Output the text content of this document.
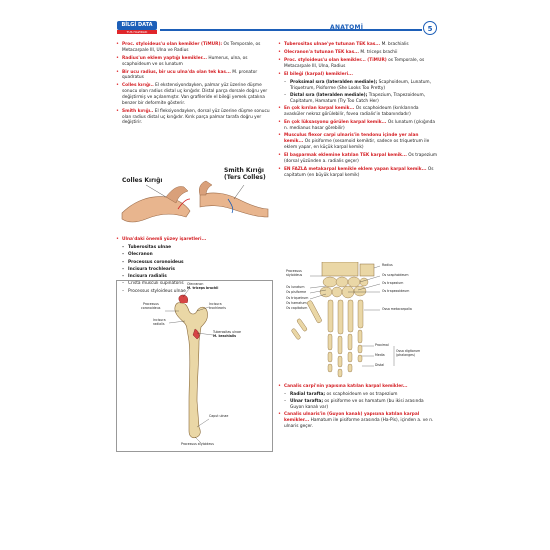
BİLGİ DATA
TUS HAZIRLIK MERKEZLERİ
ANATOMİ	5
• Proc. styloideus'u olan kemikler (TiMUR): Os Temporale, os Metacarpale III, Ulna ve Radius
• Radius'un eklem yaptığı kemikler... Humerus, ulna, os scaphoideum ve os lunatum
• Bir ucu radius, bir ucu ulna'da olan tek kas... M. pronator quadratus
• Colles kırığı.. El ekstensiyondayken, palmar yüz üzerine düşme sonucu olan radius distal uç kırığıdır. Distal parça dorsale doğru yer değiştirmiş ve açılanmıştır. Van grafileride el bileği yemek çatalına benzer bir deformite gösterir.
• Smith kırığı.. El fleksiyondayken, dorsal yüz üzerine düşme sonucu olan radius distal uç kırığıdır. Kırık parça palmar tarafa doğru yer değiştirir.
Colles Kırığı
Smith Kırığı
(Ters Colles)
• Ulna'daki önemli yüzey işaretleri...
– Tuberositas ulnae
– Olecranon
– Processus coronoideus
– Incisura trochlearis
– Incisura radialis
– Crista musculi supinatoris
– Processus styloideus ulnae
Olecranon
M. triceps brachii
Processus
coronoideus
Incisura
trochlearis
Incisura
radialis
Tuberositas ulnae
M. brachialis
Caput ulnae
Processus styloideus
• Tuberositas ulnae'ye tutunan TEK kas... M. brachialis
• Olecranon'a tutunan TEK kas... M. triceps brachii
• Proc. styloideus'u olan kemikler... (TiMUR) os Temporale, os Metacarpale III, Ulna, Radius
• El bileği (karpal) kemikleri...
– Proksimal sıra (lateralden mediale); Scaphoideum, Lunatum, Triquetrum, Pisiforme (She Looks Too Pretty)
– Distal sıra (lateralden mediale); Trapezium, Trapezoideum, Capitatum, Hamatum (Try Too Catch Her)
• En çok kırılan karpal kemik... Os scaphoideum (kırıklarında avasküler nekroz görülebilir, fovea radialis'in tabanındadır)
• En çok lüksasyonu görülen karpal kemik... Os lunatum (çıkığında n. medianus hasar görebilir)
• Musculus flexor carpi ulnaris'in tendonu içinde yer alan kemik... Os pisiforme (sesamoid kemiktir, sadece os triquetrum ile eklem yapar, en küçük karpal kemik)
• El başparmak eklemine katılan TEK karpal kemik... Os trapezium (dorsal yüzünden a. radialis geçer)
• EN FAZLA metakarpal kemikle eklem yapan karpal kemik... Os capitatum (en büyük karpal kemik)
Radius
Processus
styloideus	Os scaphoideum
Os lunatum
Os trapezium
Os pisiforme	Os trapezoideum
Os triquetrum
Os hamatum
Os capitatum	Ossa metacarpalia
Proximal
Media
Distal
Ossa digitorum
(phalanges)
• Canalis carpi'nin yapısına katılan karpal kemikler...
– Radial tarafta; os scaphoideum ve os trapezium
– Ulnar tarafta; os pisiforme ve os hamatum (bu ikisi arasında Guyon kanalı var)
• Canalis ulnaris'in (Guyon kanalı) yapısına katılan karpal kemikler... Hamatum ile pisiforme arasında (Ha-Pis), içinden a. ve n. ulnaris geçer.
